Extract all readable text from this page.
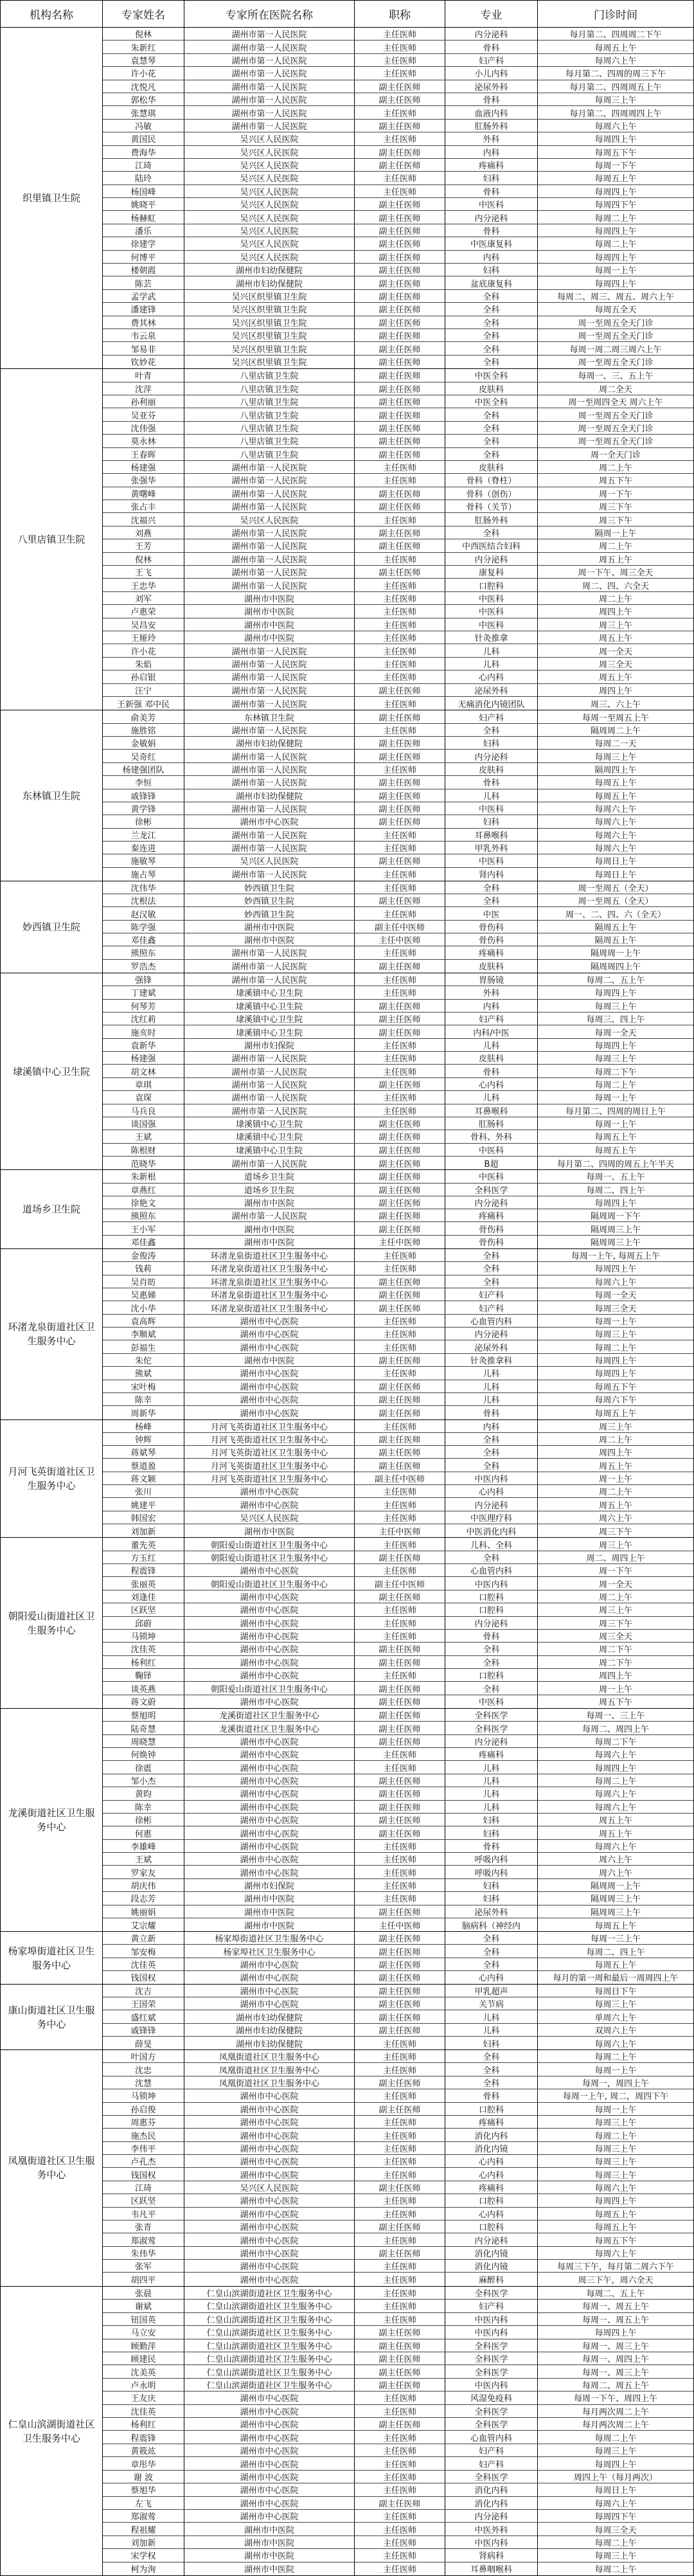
机构名称	专家姓名	专家所在医院名称	职称	专业	门诊时间
织里镇卫生院
倪林	湖州市第一人民医院	主任医师	内分泌科	每月第二、四周周二下午
朱新红	湖州市第一人民医院	主任医师	骨科	每周五上午
袁慧琴	湖州市第一人民医院	主任医师	妇产科	每周六上午
许小花	湖州市第一人民医院	主任医师	小儿内科	每月第二、四周的周三下午
沈悦凡	湖州市第一人民医院	副主任医师	泌尿外科	每月第二、四周周五上午
郭松华	湖州市第一人民医院	副主任医师	骨科	每周三上午
张慧琪	湖州市第一人民医院	主任医师	血液内科	每月第二、四周周四上午
冯敏	湖州市第一人民医院	副主任医师	肛肠外科	每周六上午
黄国民	吴兴区人民医院	主任医师	外科	每周四上午
费海华	吴兴区人民医院	副主任医师	内科	每周五下午
江琦	吴兴区人民医院	副主任医师	疼痛科	每周一下午
陆玲	吴兴区人民医院	主任医师	妇科	每周五上午
杨国峰	吴兴区人民医院	主任医师	骨科	每周四上午
姚晓平	吴兴区人民医院	副主任医师	中医科	每周四下午
杨赫虹	吴兴区人民医院	副主任医师	内分泌科	每周二上午
潘乐	吴兴区人民医院	副主任医师	骨科	每周四上午
徐建学	吴兴区人民医院	副主任医师	中医康复科	每周二上午
何博平	吴兴区人民医院	副主任医师	内科	每周四上午
楼朝霞	湖州市妇幼保健院	副主任医师	妇科	每周一上午
陈芸	湖州市妇幼保健院	副主任医师	盆底康复科	每周四上午
孟学武	吴兴区织里镇卫生院	副主任医师	全科	每周二、周三、周五、周六上午
潘建锋	吴兴区织里镇卫生院	副主任医师	全科	每周五全天
费其林	吴兴区织里镇卫生院	副主任医师	全科	周一至周五全天门诊
韦云泉	吴兴区织里镇卫生院	副主任医师	全科	周一至周五全天门诊
邹易非	吴兴区织里镇卫生院	副主任医师	全科	每周一周二周三周六上午
钦妙花	吴兴区织里镇卫生院	副主任医师	全科	周一至周五全天门诊
八里店镇卫生院
叶青	八里店镇卫生院	副主任医师	中医全科	每周一、三、五上午
沈萍	八里店镇卫生院	副主任医师	皮肤科	周二全天
孙利丽	八里店镇卫生院	副主任医师	中医全科	周一至周四全天 周六上午
吴亚芬	八里店镇卫生院	副主任医师	全科	周一至周五全天门诊
沈伟强	八里店镇卫生院	副主任医师	全科	周一至周五全天门诊
莫永林	八里店镇卫生院	副主任医师	全科	周一至周五全天门诊
王春晖	八里店镇卫生院	副主任医师	全科	周一全天门诊
杨建强	湖州市第一人民医院	主任医师	皮肤科	周二上午
张强华	湖州市第一人民医院	主任医师	骨科（脊柱）	周五下午
黄曙峰	湖州市第一人民医院	副主任医师	骨科（创伤）	周一下午
张占丰	湖州市第一人民医院	副主任医师	骨科（关节）	周三下午
沈福兴	吴兴区人民医院	主任医师	肛肠外科	周三下午
刘燕	湖州市第一人民医院	副主任医师	全科	隔周一上午
王芳	湖州市第一人民医院	副主任医师	中西医结合妇科	周二上午
倪林	湖州市第一人民医院	主任医师	内分泌科	周五上午
王飞	湖州市第一人民医院	副主任医师	康复科	周一下午、周三全天
王忠华	湖州市第一人民医院	主任医师	口腔科	周二、四、六全天
刘军	湖州市中医院	主任医师	中医科	周二上午
卢惠荣	湖州市中医院	主任医师	中医科	周四上午
吴昌安	湖州市中医院	主任医师	中医科	周三上午
王娅玲	湖州市中医院	主任医师	针灸推拿	周五上午
许小花	湖州市第一人民医院	主任医师	儿科	周一全天
朱焰	湖州市第一人民医院	主任医师	儿科	周三全天
孙启银	湖州市第一人民医院	主任医师	心内科	周五上午
汪宁	湖州市第一人民医院	副主任医师	泌尿外科	周四上午
王新强 邓中民	湖州市第一人民医院	主任医师	无痛消化内镜团队	周三、六上午
东林镇卫生院
俞美芳	东林镇卫生院	副主任医师	妇产科	每周一至周五上午
施胜铭	湖州市第一人民医院	主任医师	全科	隔周周二上午
金敏娟	湖州市妇幼保健院	副主任医师	妇科	每周二一天
吴奇红	湖州市第一人民医院	副主任医师	内分泌科	每周三上午
杨建强团队	湖州市第一人民医院	主任医师	皮肤科	隔周四上午
李恒	湖州市第一人民医院	副主任医师	骨科	每周五上午
戚锋锋	湖州市妇幼保健院	副主任医师	儿科	每周五上午
黄学锋	湖州市第一人民医院	副主任医师	中医科	每周六上午
徐彬	湖州市中心医院	副主任医师	妇科	每周六上午
兰龙江	湖州市第一人民医院	主任医师	耳鼻喉科	每周六上午
秦连进	湖州市第一人民医院	主任医师	甲乳外科	每周六上午
施敏琴	吴兴区人民医院	副主任医师	中医科	每周日上午
施占琴	湖州市第一人民医院	主任医师	肾内科	每周日上午
妙西镇卫生院
沈伟华	妙西镇卫生院	主任医师	全科	周一至周五（全天）
沈根法	妙西镇卫生院	副主任医师	全科	周一至周五（全天）
赵汉敏	妙西镇卫生院	主任医师	中医	周一、二、四、六（全天）
陈学强	湖州市中医院	副主任中医师	骨伤科	隔周五上午
邓佳鑫	湖州市中医院	主任中医师	骨伤科	隔周五上午
熊照东	湖州市第一人民医院	主任医师	疼痛科	隔周周一上午
罗浩杰	湖州市第一人民医院	副主任医师	皮肤科	隔周周四上午
埭溪镇中心卫生院
强锋	湖州市第一人民医院	主任医师	胃肠镜	每周二、五上午
丁建斌	埭溪镇中心卫生院	主任医师	外科	每周四上午
何琴芳	埭溪镇中心卫生院	副主任医师	内科	每周三上午
沈红莉	埭溪镇中心卫生院	副主任医师	妇产科	每周三、四上午
施亥时	埭溪镇中心卫生院	副主任医师	内科/中医	每周一全天
袁新华	湖州市妇保院	主任医师	儿科	每周四上午
杨建强	湖州市第一人民医院	主任医师	皮肤科	每周三上午
胡文林	湖州市第一人民医院	主任医师	骨科	每周二下午
章琪	湖州市第一人民医院	副主任医师	心内科	每周二上午
袁琛	湖州市第一人民医院	主任医师	儿科	每周一上午
马兵良	湖州市第一人民医院	主任医师	耳鼻喉科	每月第二、四周的周日上午
谈国强	埭溪镇中心卫生院	副主任医师	肛肠科	每周一上午
王斌	埭溪镇中心卫生院	副主任医师	骨科、外科	每周五上午
陈根财	埭溪镇中心卫生院	副主任医师	中医科	每周五上午
范晓华	湖州市第一人民医院	副主任医师	B超	每月第二、四周的周五上午半天
道场乡卫生院
朱新根	道场乡卫生院	副主任医师	中医科	每周一、五上午
章燕红	道场乡卫生院	副主任医师	全科医学	每周二、四上午
徐艳文	湖州市中医院	副主任医师	内分泌科	每周四上午
熊照东	湖州市第一人民医院	副主任医师	疼痛科	隔周周一下午
王小军	湖州市中医院	副主任医师	骨伤科	隔周周三上午
邓佳鑫	湖州市中医院	主任中医师	骨伤科	隔周周三上午
环渚龙泉街道社区卫生服务中心
金俊涛	环渚龙泉街道社区卫生服务中心	主任医师	全科	每周一上午, 每周五上午
钱莉	环渚龙泉街道社区卫生服务中心	主任医师	全科	每周四上午
吴肖昉	环渚龙泉街道社区卫生服务中心	副主任医师	全科	每周六上午
吴惠娣	环渚龙泉街道社区卫生服务中心	副主任医师	妇产科	每周一全天
沈小华	环渚龙泉街道社区卫生服务中心	副主任医师	妇产科	每周三全天
袁高辉	湖州市中心医院	主任医师	心血管内科	每周一上午
李顺斌	湖州市中心医院	主任医师	内分泌科	每周三上午
彭福生	湖州市中心医院	主任医师	泌尿外科	每周二上午
朱佗	湖州市中医院	副主任医师	针灸推拿科	每周四上午
熊斌	湖州市中心医院	主任医师	儿科	每周四上午
宋叶梅	湖州市中心医院	副主任医师	儿科	每周五下午
陈幸	湖州市中心医院	副主任医师	儿科	每周六下午
周新华	湖州市中心医院	副主任医师	骨科	每周五上午
月河飞英街道社区卫生服务中心
杨峰	月河飞英街道社区卫生服务中心	主任医师	内科	周三上午
钟辉	月河飞英街道社区卫生服务中心	副主任医师	全科	周二上午
蒋斌琴	月河飞英街道社区卫生服务中心	副主任医师	全科	周四上午
蔡道盈	月河飞英街道社区卫生服务中心	副主任医师	全科	周五上午
蒋文颖	月河飞英街道社区卫生服务中心	副主任中医师	中医内科	周一上午
张川	湖州市中心医院	主任医师	心内科	周二上午
姚建平	湖州市中心医院	主任医师	内分泌科	周五上午
韩国宏	吴兴区人民医院	主任医师	中医理疗科	周六上午
刘加新	湖州市中医院	主任中医师	中医消化内科	周三下午
朝阳爱山街道社区卫生服务中心
董先英	朝阳爱山街道社区卫生服务中心	主任医师	儿科、全科	周三上午
方玉红	朝阳爱山街道社区卫生服务中心	副主任医师	全科	周二、周四上午
程震锋	湖州市中心医院	主任医师	心血管内科	周一下午
张丽英	朝阳爱山街道社区卫生服务中心	副主任中医师	中医内科	周一全天
刘逢佳	湖州市中心医院	副主任医师	口腔科	周二上午
区跃坚	湖州市中心医院	主任医师	口腔科	周三上午
邱蔚	湖州市中心医院	主任医师	内分泌科	周三下午
马锁坤	湖州市中心医院	主任医师	骨科	周三全天
沈佳英	湖州市中心医院	副主任医师	全科	周二下午
杨利红	湖州市中心医院	副主任医师	全科	周二下午
鞠铎	湖州市中心医院	主任医师	口腔科	周四上午
谈英燕	朝阳爱山街道社区卫生服务中心	副主任医师	全科	周一上午
蒋文蔚	湖州市中心医院	副主任医师	中医科	周五下午
龙溪街道社区卫生服务中心
蔡旭明	龙溪街道社区卫生服务中心	副主任医师	全科医学	每周一、三上午
陆奇慧	龙溪街道社区卫生服务中心	副主任医师	全科医学	每周二、周四上午
周晓慧	湖州市中心医院	副主任医师	内分泌科	每周二下午
何焕钟	湖州市中心医院	主任医师	疼痛科	每周六上午
徐震	湖州市中心医院	主任医师	儿科	每周四上午
邹小杰	湖州市中心医院	副主任医师	儿科	每周二上午
黄昀	湖州市中心医院	副主任医师	儿科	每周六上午
陈幸	湖州市中心医院	副主任医师	儿科	每周六上午
徐彬	湖州市中心医院	副主任医师	妇科	周五上午
何惠	湖州市中心医院	副主任医师	妇科	周五上午
李雄峰	湖州市中心医院	主任医师	骨科	每周六上午
王斌	湖州市中心医院	主任医师	呼吸内科	周六上午
罗家友	湖州市中心医院	主任医师	呼吸内科	周六上午
胡庆伟	湖州市妇保院	主任医师	妇科	隔周周一上午
段志芳	湖州市中医院	主任医师	妇科	隔周周三上午
姚丽娟	湖州市中医院	副主任医师	泌尿外科	隔周周三上午
艾宗耀	湖州市中医院	主任中医师	脑病科（神经内	每周五上午
杨家埠街道社区卫生服务中心
黄立新	杨家埠街道社区卫生服务中心	副主任医师	全科	每周一三上午
邹安梅	杨家埠社区卫生服务中心	副主任医师	全科	每周二、四上午
沈佳英	湖州市中心医院	副主任医师	全科	每周五上午
钱国权	湖州市中心医院	副主任医师	心内科	每月的第一周和最后一周周四上午
康山街道社区卫生服务中心
沈吉	湖州市中心医院	副主任医师	甲乳超声	每周日下午
王国荣	湖州市中心医院	副主任医师	关节病	每周三上午
盛红斌	湖州市妇幼保健院	副主任医师	儿科	单周六上午
戚锋锋	湖州市妇幼保健院	副主任医师	儿科	双周六上午
薛旻	湖州市妇幼保健院	主任医师	妇科	每周六上午
凤凰街道社区卫生服务中心
叶国方	凤凰街道社区卫生服务中心	主任医师	全科	每周二上午
沈忠	凤凰街道社区卫生服务中心	主任医师	全科	每周一上午
沈慧	凤凰街道社区卫生服务中心	副主任医师	全科	每周一，周四上午
马锁坤	湖州市中心医院	主任医师	骨科	每周一上午, 周二，周四下午
孙启俊	湖州市中心医院	副主任医师	口腔科	每周一上午
周惠芬	湖州市中心医院	主任医师	疼痛科	每周三上午
施杰民	湖州市中心医院	主任医师	消化内科	每周二上午
李伟平	湖州市中心医院	主任医师	消化内镜	每周三上午
卢孔杰	湖州市中心医院	主任医师	心内科	每周三上午
钱国权	湖州市中心医院	主任医师	心内科	每周三上午
江琦	吴兴区人民医院	副主任医师	疼痛科	每周六上午
区跃坚	湖州市中心医院	主任医师	口腔科	每周四上午
韦凡平	湖州市中心医院	主任医师	心内科	每周五上午
张青	湖州市中心医院	副主任医师	口腔科	每周五上午
郑淑莺	湖州市中心医院	主任医师	内分泌科	每周五下午
朱伟华	湖州市中心医院	副主任医师	消化内镜	每周六上午
张军	湖州市中心医院	主任医师	消化内镜	每周三下午，每月第二周六下午
胡四平	湖州市中心医院	主任医师	麻醉科	周三下午，周六全天
仁皇山滨湖街道社区卫生服务中心
张晨	仁皇山滨湖街道社区卫生服务中心	主任医师	全科医学	每周二、五上午
谢斌	仁皇山滨湖街道社区卫生服务中心	主任医师	妇产科	每周一、周五上午
钮国英	仁皇山滨湖街道社区卫生服务中心	主任医师	中医内科	每周一、周五上午
马立安	仁皇山滨湖街道社区卫生服务中心	副主任医师	中医内科	每周四上午
顾勤萍	仁皇山滨湖街道社区卫生服务中心	副主任医师	全科医学	每周一、周三上午
顾建民	仁皇山滨湖街道社区卫生服务中心	副主任医师	全科医学	每周一、周四上午
沈美英	仁皇山滨湖街道社区卫生服务中心	副主任医师	全科医学	每周一、周三上午
卢永明	仁皇山滨湖街道社区卫生服务中心	副主任医师	中医内科	每周二、周五上午
王友庆	湖州市中心医院	主任医师	风湿免疫科	每周一下午、周四上午
沈佳英	湖州市中心医院	主任医师	全科医学	每月两次周二上午
杨利红	湖州市中心医院	副主任医师	全科医学	每月两次周二上午
程震锋	湖州市中心医院	主任医师	心血管内科	每周二上午
黄筱竑	湖州市中心医院	主任医师	妇产科	每周三上午
章彤华	湖州市中心医院	主任医师	妇产科	每周四上午
谢 波	湖州市中心医院	主任医师	全科医学	周四上午（每月两次）
蔡旭华	湖州市中心医院	主任医师	消化内科	每周日上午
左飞	湖州市中心医院	副主任医师	消化内科	每周六上午
郑淑莺	湖州市中心医院	主任医师	内分泌科	每周四下午
程祖耀	湖州市中医院	主任医师	中医外科	每周三全天
刘加新	湖州市中医院	主任医师	中医内科	每周二上午
宋学权	湖州市中医院	主任医师	肾病科	每周三上午
柯为洵	湖州市中医院	主任医师	耳鼻咽喉科	每周二上午
